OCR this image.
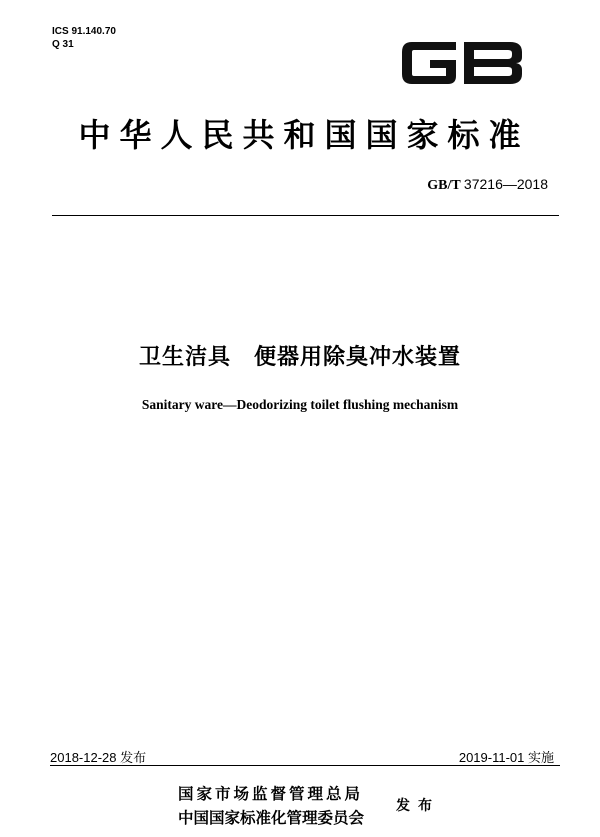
ICS 91.140.70
Q 31
中华人民共和国国家标准
GB/T 37216—2018
卫生洁具　便器用除臭冲水装置
Sanitary ware—Deodorizing toilet flushing mechanism
2018-12-28 发布	2019-11-01 实施
国家市场监督管理总局
中国国家标准化管理委员会
发布
